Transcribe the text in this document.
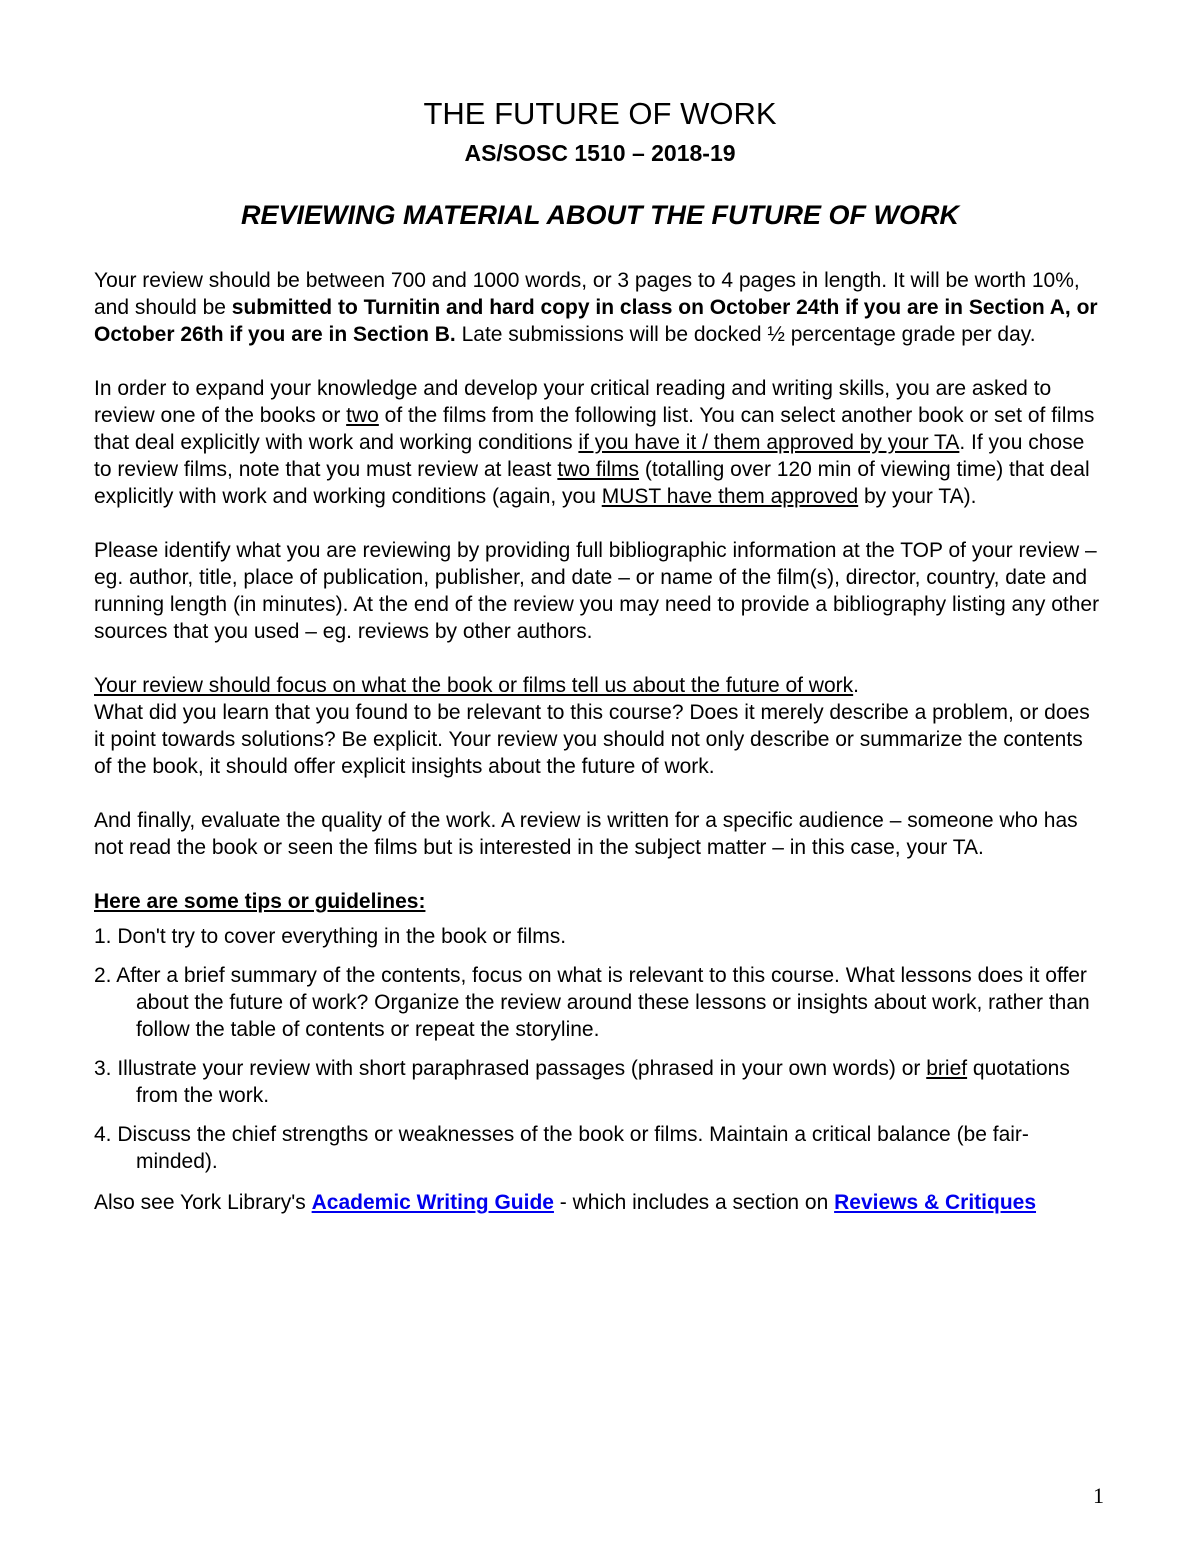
THE FUTURE OF WORK
AS/SOSC 1510 – 2018-19
REVIEWING MATERIAL ABOUT THE FUTURE OF WORK

Your review should be between 700 and 1000 words, or 3 pages to 4 pages in length. It will be worth 10%, and should be submitted to Turnitin and hard copy in class on October 24th if you are in Section A, or October 26th if you are in Section B. Late submissions will be docked ½ percentage grade per day.

In order to expand your knowledge and develop your critical reading and writing skills, you are asked to review one of the books or two of the films from the following list. You can select another book or set of films that deal explicitly with work and working conditions if you have it / them approved by your TA. If you chose to review films, note that you must review at least two films (totalling over 120 min of viewing time) that deal explicitly with work and working conditions (again, you MUST have them approved by your TA).

Please identify what you are reviewing by providing full bibliographic information at the TOP of your review – eg. author, title, place of publication, publisher, and date – or name of the film(s), director, country, date and running length (in minutes). At the end of the review you may need to provide a bibliography listing any other sources that you used – eg. reviews by other authors.

Your review should focus on what the book or films tell us about the future of work.
What did you learn that you found to be relevant to this course? Does it merely describe a problem, or does it point towards solutions? Be explicit. Your review you should not only describe or summarize the contents of the book, it should offer explicit insights about the future of work.

And finally, evaluate the quality of the work. A review is written for a specific audience – someone who has not read the book or seen the films but is interested in the subject matter – in this case, your TA.

Here are some tips or guidelines:

1. Don't try to cover everything in the book or films.
2. After a brief summary of the contents, focus on what is relevant to this course. What lessons does it offer about the future of work? Organize the review around these lessons or insights about work, rather than follow the table of contents or repeat the storyline.
3. Illustrate your review with short paraphrased passages (phrased in your own words) or brief quotations from the work.
4. Discuss the chief strengths or weaknesses of the book or films. Maintain a critical balance (be fair-minded).

Also see York Library's Academic Writing Guide - which includes a section on Reviews & Critiques

1
